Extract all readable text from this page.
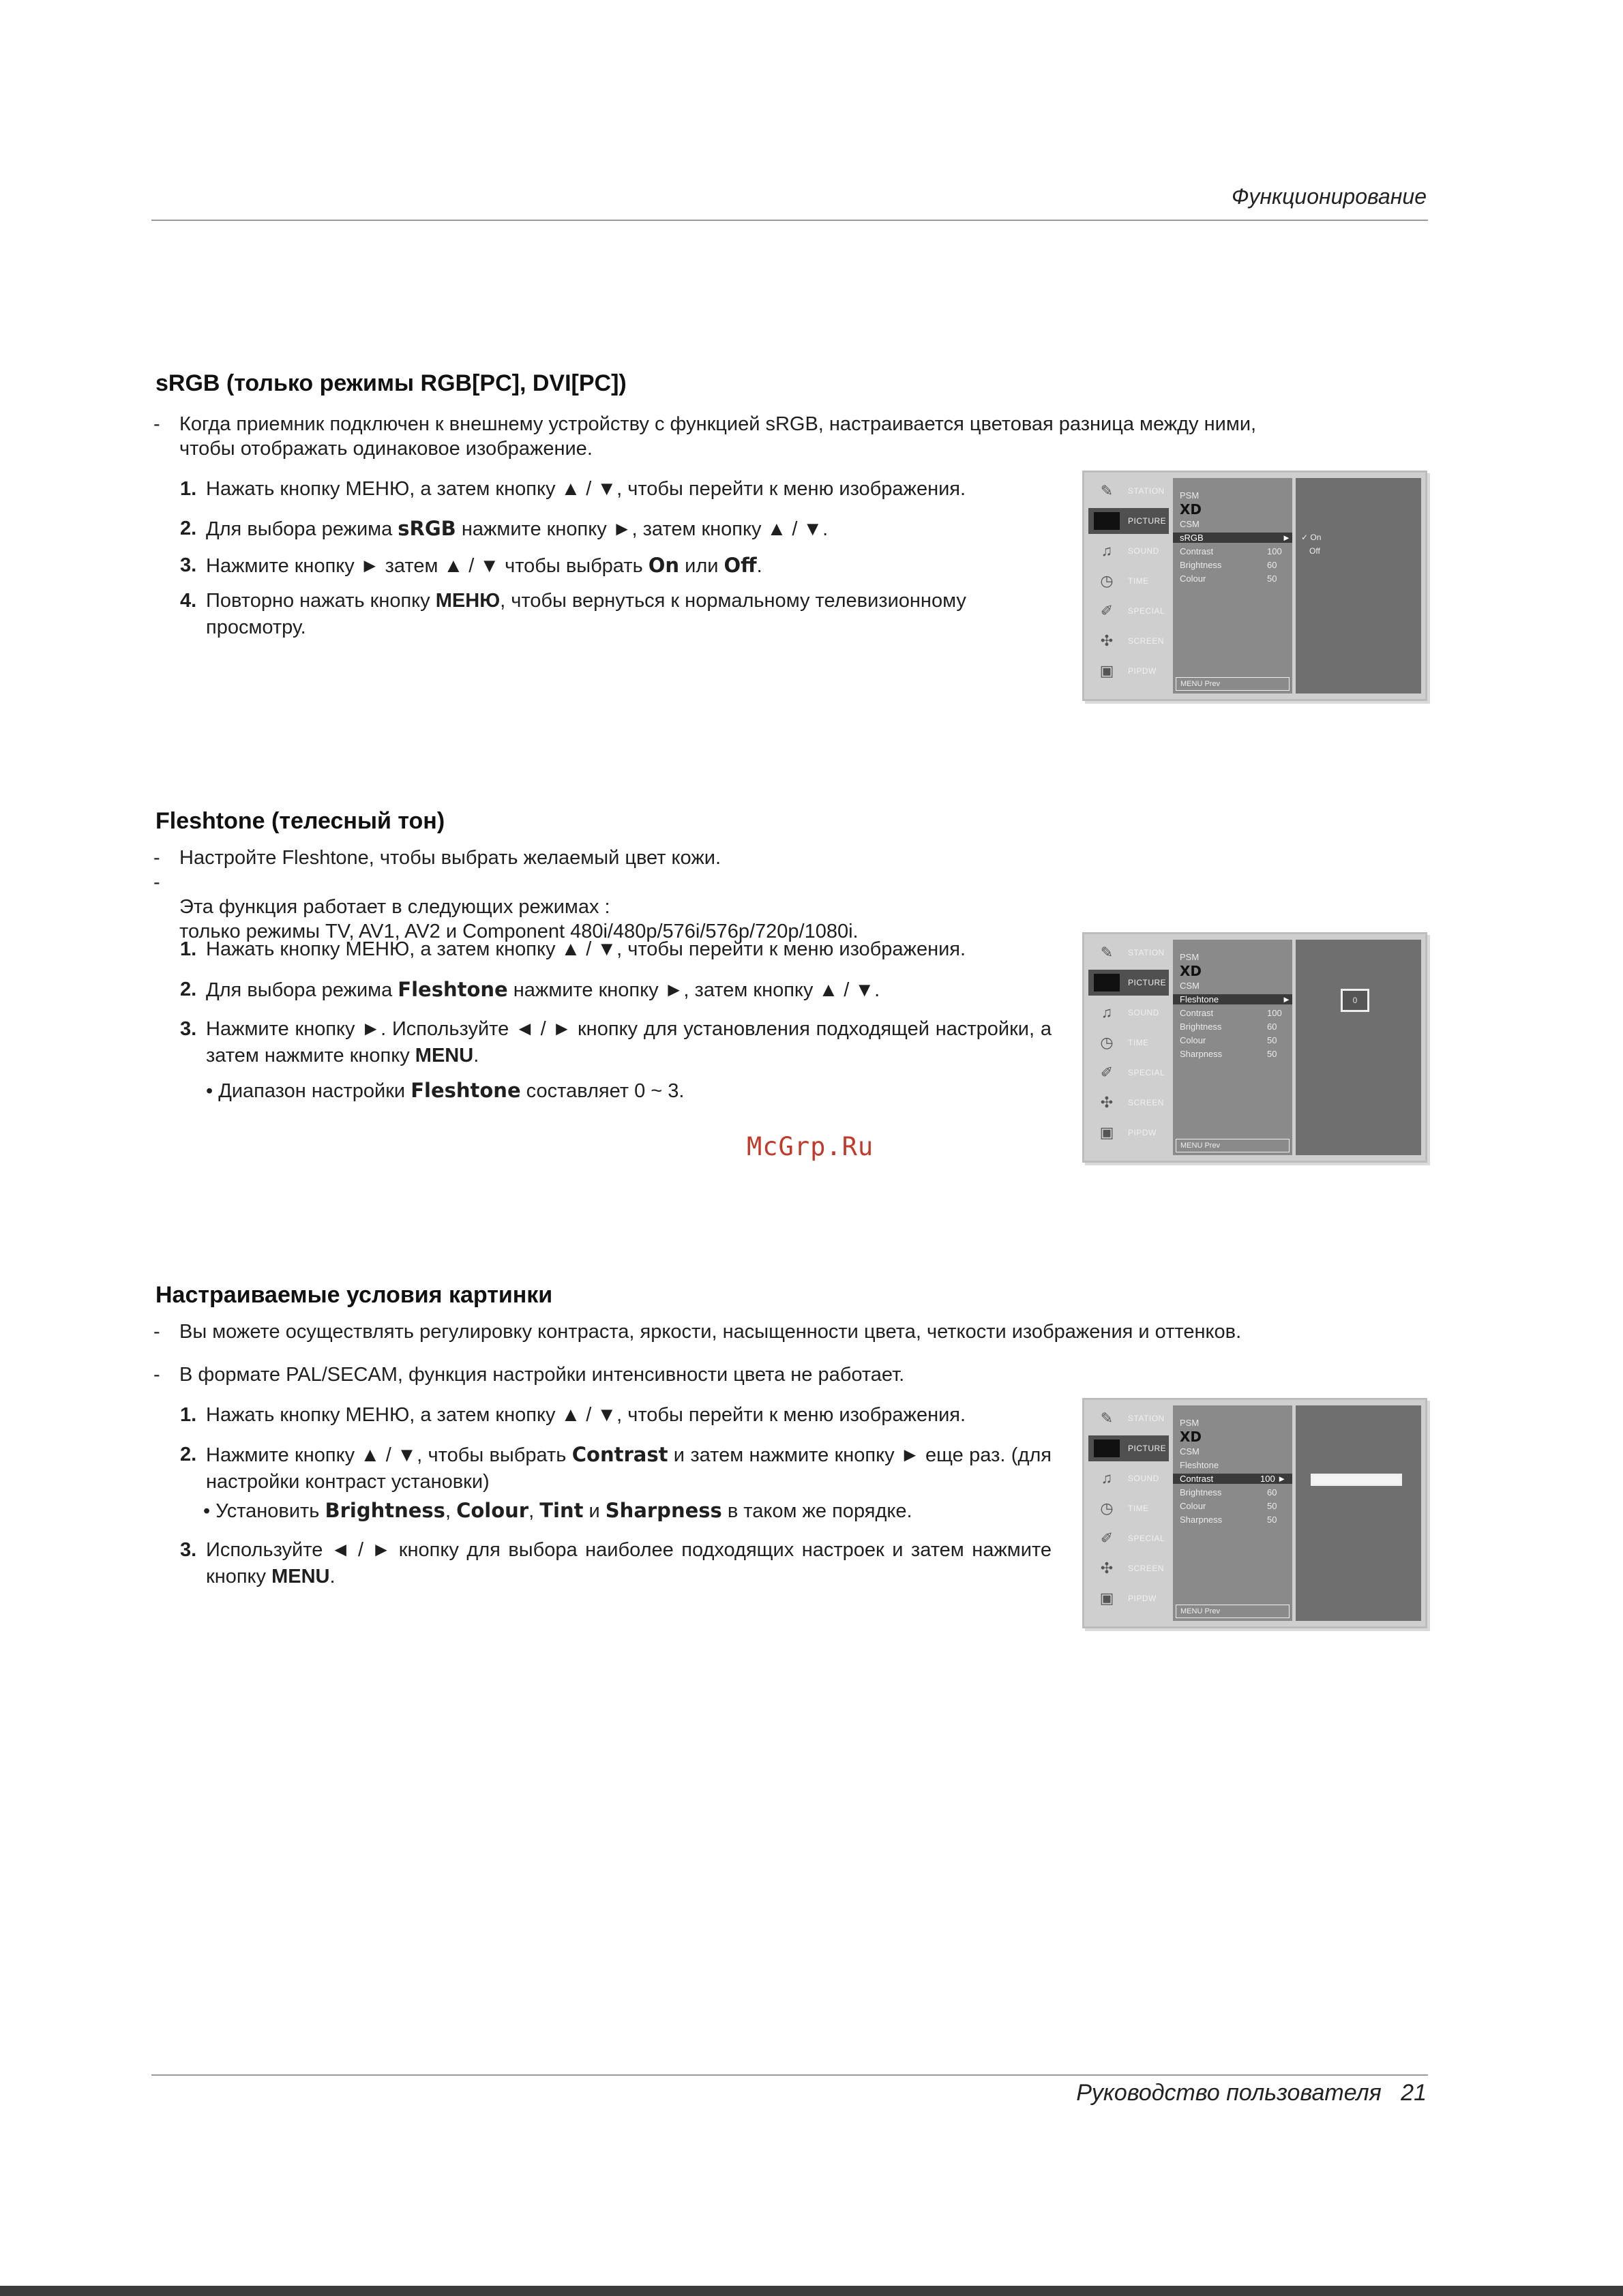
Функционирование
sRGB (только режимы RGB[PC], DVI[PC])
- Когда приемник подключен к внешнему устройству с функцией sRGB, настраивается цветовая разница между ними, чтобы отображать одинаковое изображение.
1. Нажать кнопку МЕНЮ, а затем кнопку ▲ / ▼, чтобы перейти к меню изображения.
2. Для выбора режима sRGB нажмите кнопку ►, затем кнопку ▲ / ▼.
3. Нажмите кнопку ► затем ▲ / ▼ чтобы выбрать On или Off.
4. Повторно нажать кнопку МЕНЮ, чтобы вернуться к нормальному телевизионному просмотру.
✎	STATION
■	PICTURE
♫	SOUND
◷	TIME
✐	SPECIAL
✣	SCREEN
▣	PIPDW
PSM
XD
CSM
sRGB	►
Contrast	100
Brightness	60
Colour	50
MENU Prev
✓ On
Off
Fleshtone (телесный тон)
- Настройте Fleshtone, чтобы выбрать желаемый цвет кожи.

-
Эта функция работает в следующих режимах :
только режимы TV, AV1, AV2 и Component 480i/480p/576i/576p/720p/1080i.

1. Нажать кнопку МЕНЮ, а затем кнопку ▲ / ▼, чтобы перейти к меню изображения.
2. Для выбора режима Fleshtone нажмите кнопку ►, затем кнопку ▲ / ▼.
3. Нажмите кнопку ►. Используйте ◄ / ► кнопку для установления подходящей настройки, а затем нажмите кнопку MENU.
• Диапазон настройки Fleshtone составляет 0 ~ 3.
✎	STATION
■	PICTURE
♫	SOUND
◷	TIME
✐	SPECIAL
✣	SCREEN
▣	PIPDW
PSM
XD
CSM
Fleshtone	►
Contrast	100
Brightness	60
Colour	50
Sharpness	50
MENU Prev
0
McGrp.Ru
Настраиваемые условия картинки
- Вы можете осуществлять регулировку контраста, яркости, насыщенности цвета, четкости изображения и оттенков.
- В формате PAL/SECAM, функция настройки интенсивности цвета не работает.
1. Нажать кнопку МЕНЮ, а затем кнопку ▲ / ▼, чтобы перейти к меню изображения.
2. Нажмите кнопку ▲ / ▼, чтобы выбрать Contrast и затем нажмите кнопку ► еще раз. (для настройки контраст установки)
• Установить Brightness, Colour, Tint и Sharpness в таком же порядке.
3. Используйте ◄ / ► кнопку для выбора наиболее подходящих настроек и затем нажмите кнопку MENU.
✎	STATION
■	PICTURE
♫	SOUND
◷	TIME
✐	SPECIAL
✣	SCREEN
▣	PIPDW
PSM
XD
CSM
Fleshtone
Contrast	100 ►
Brightness	60
Colour	50
Sharpness	50
MENU Prev
Руководство пользователя 21
